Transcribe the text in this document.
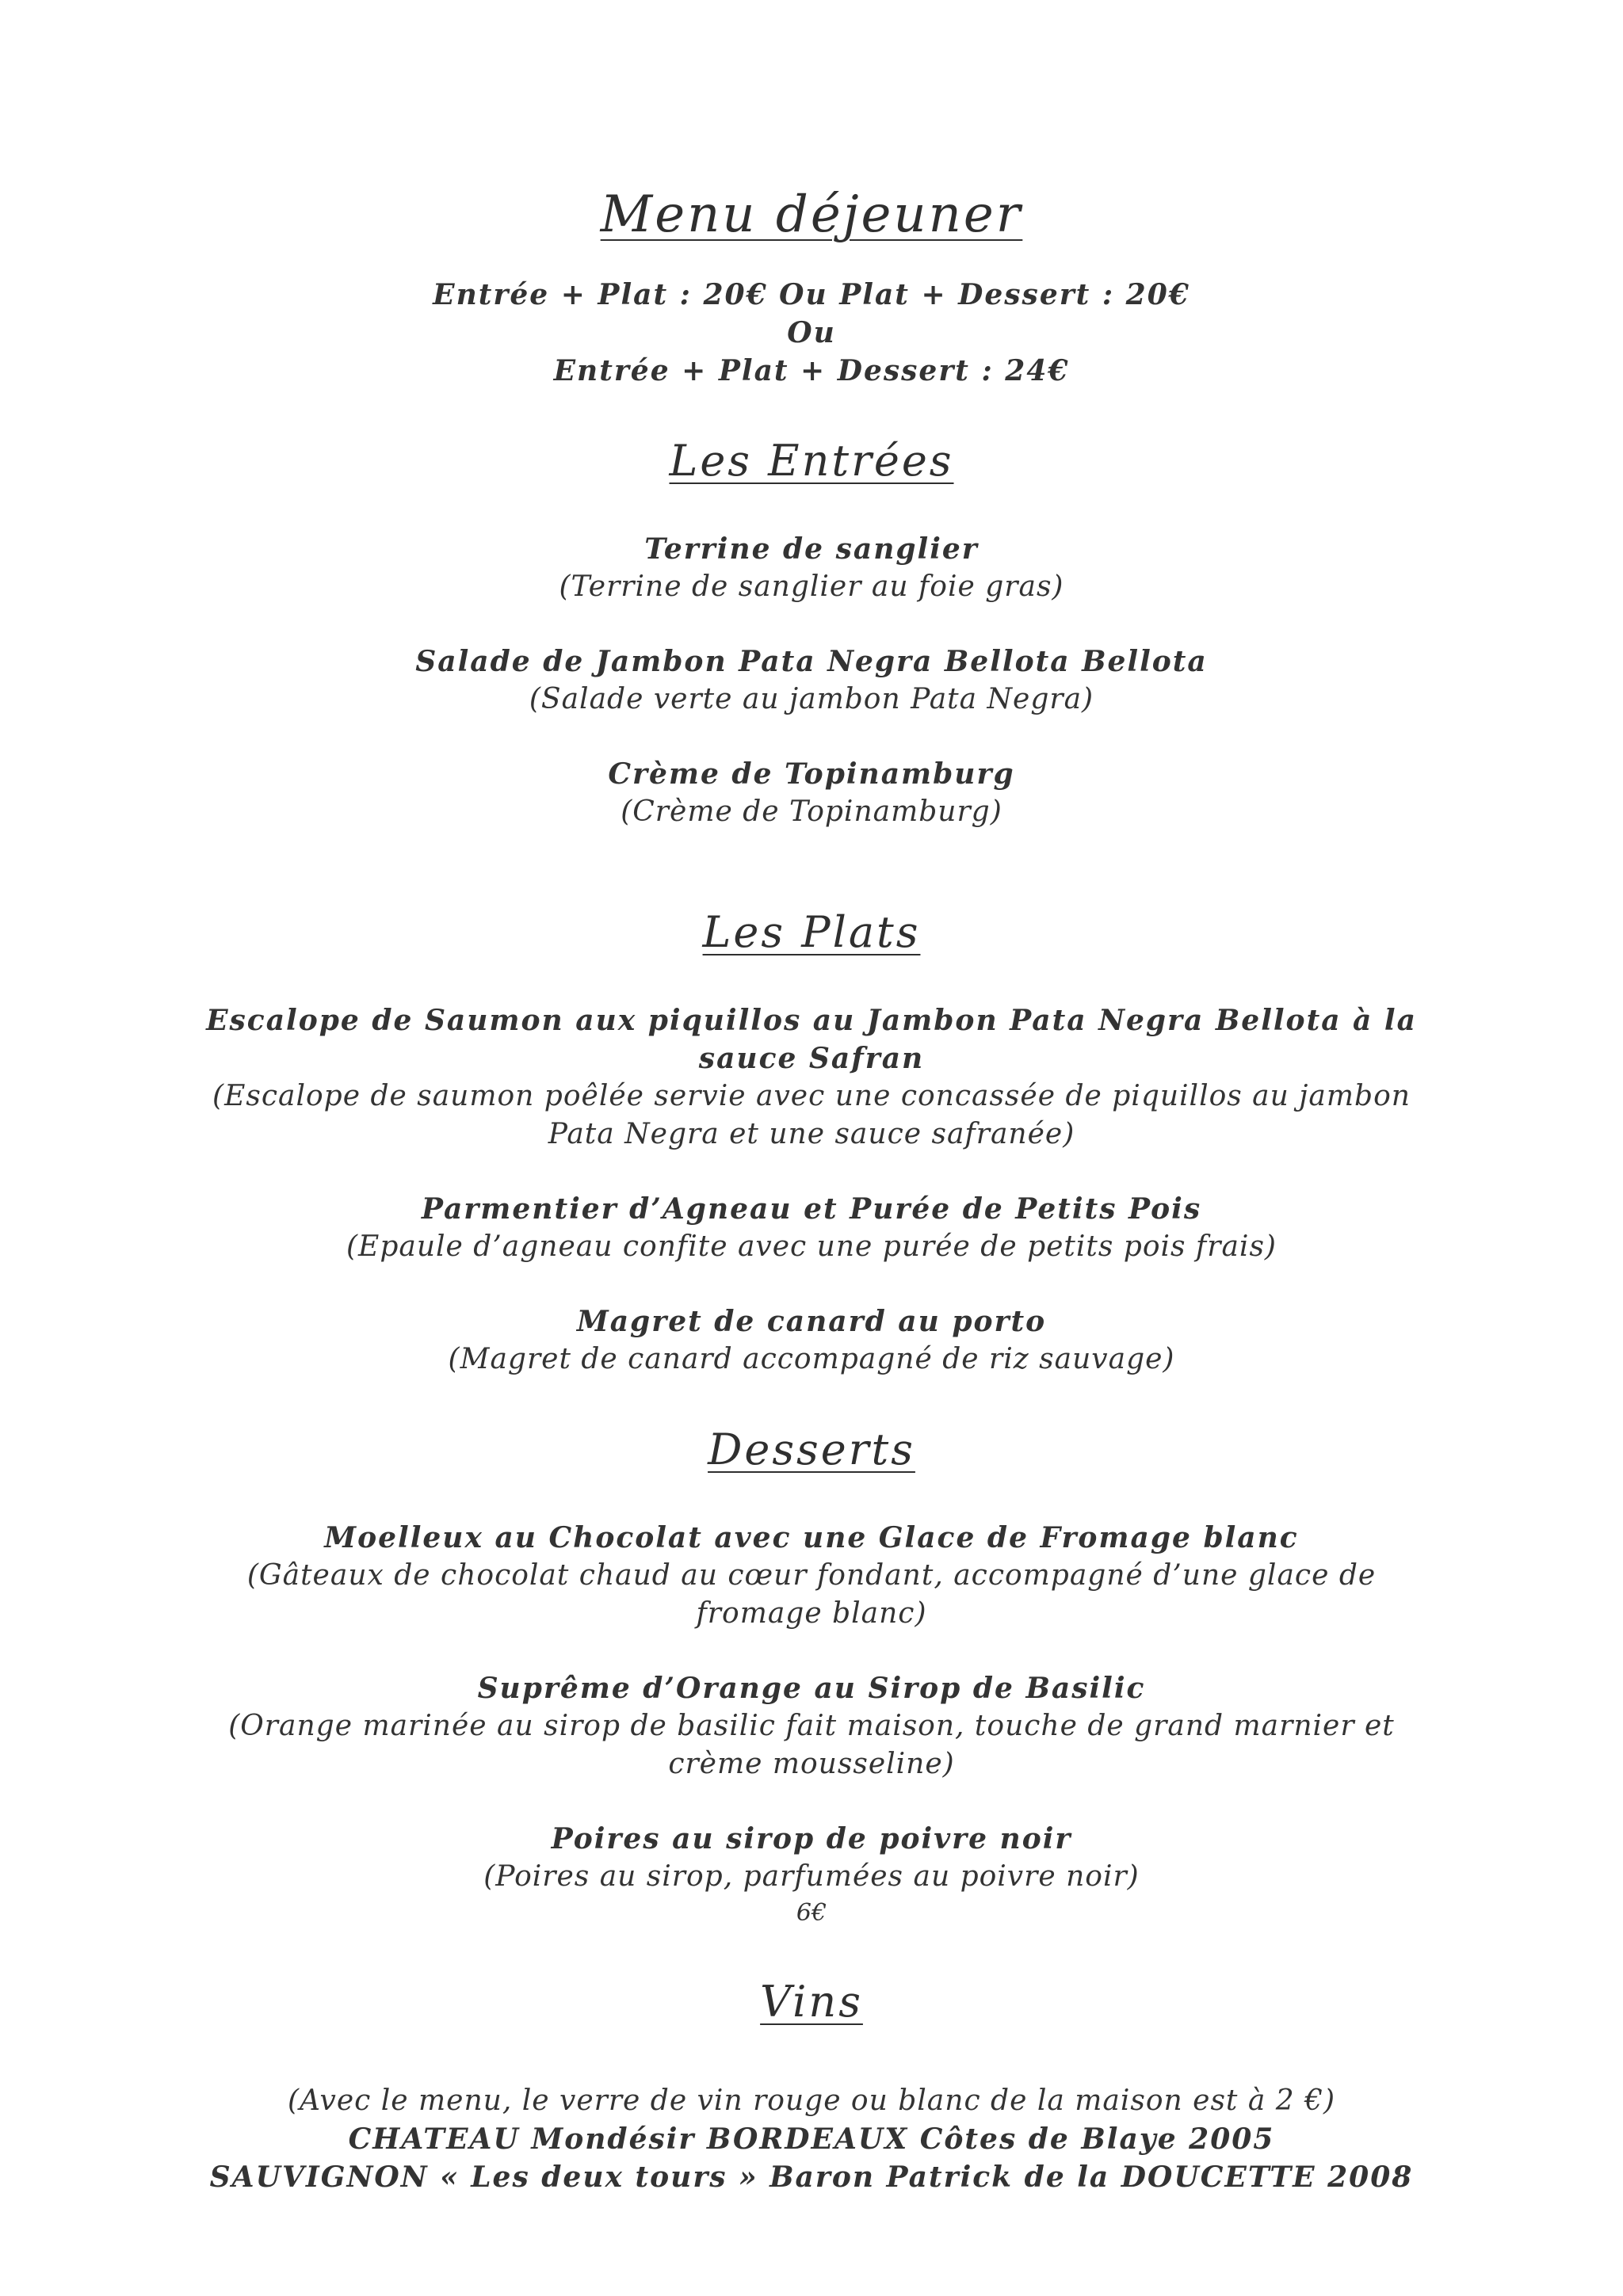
Menu déjeuner
Entrée + Plat : 20€ Ou Plat + Dessert : 20€
Ou
Entrée + Plat + Dessert : 24€
Les Entrées
Terrine de sanglier
(Terrine de sanglier au foie gras)
Salade de Jambon Pata Negra Bellota Bellota
(Salade verte au jambon Pata Negra)
Crème de Topinamburg
(Crème de Topinamburg)
Les Plats
Escalope de Saumon aux piquillos au Jambon Pata Negra Bellota à la sauce Safran
(Escalope de saumon poêlée servie avec une concassée de piquillos au jambon Pata Negra et une sauce safranée)
Parmentier d’Agneau et Purée de Petits Pois
(Epaule d’agneau confite avec une purée de petits pois frais)
Magret de canard au porto
(Magret de canard accompagné de riz sauvage)
Desserts
Moelleux au Chocolat avec une Glace de Fromage blanc
(Gâteaux de chocolat chaud au cœur fondant, accompagné d’une glace de fromage blanc)
Suprême d’Orange au Sirop de Basilic
(Orange marinée au sirop de basilic fait maison, touche de grand marnier et crème mousseline)
Poires au sirop de poivre noir
(Poires au sirop, parfumées au poivre noir)
6€
Vins
(Avec le menu, le verre de vin rouge ou blanc de la maison est à 2 €)
CHATEAU Mondésir BORDEAUX Côtes de Blaye 2005
SAUVIGNON « Les deux tours » Baron Patrick de la DOUCETTE 2008
